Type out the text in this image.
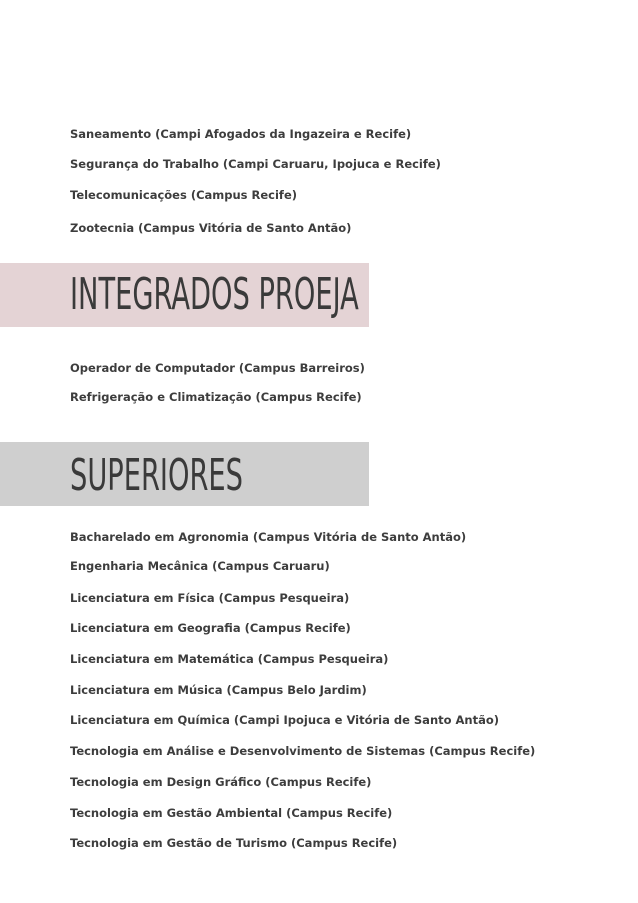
Saneamento (Campi Afogados da Ingazeira e Recife)
Segurança do Trabalho (Campi Caruaru, Ipojuca e Recife)
Telecomunicações (Campus Recife)
Zootecnia (Campus Vitória de Santo Antão)
INTEGRADOS PROEJA
Operador de Computador (Campus Barreiros)
Refrigeração e Climatização (Campus Recife)
SUPERIORES
Bacharelado em Agronomia (Campus Vitória de Santo Antão)
Engenharia Mecânica (Campus Caruaru)
Licenciatura em Física (Campus Pesqueira)
Licenciatura em Geografia (Campus Recife)
Licenciatura em Matemática (Campus Pesqueira)
Licenciatura em Música (Campus Belo Jardim)
Licenciatura em Química (Campi Ipojuca e Vitória de Santo Antão)
Tecnologia em Análise e Desenvolvimento de Sistemas (Campus Recife)
Tecnologia em Design Gráfico (Campus Recife)
Tecnologia em Gestão Ambiental (Campus Recife)
Tecnologia em Gestão de Turismo (Campus Recife)
